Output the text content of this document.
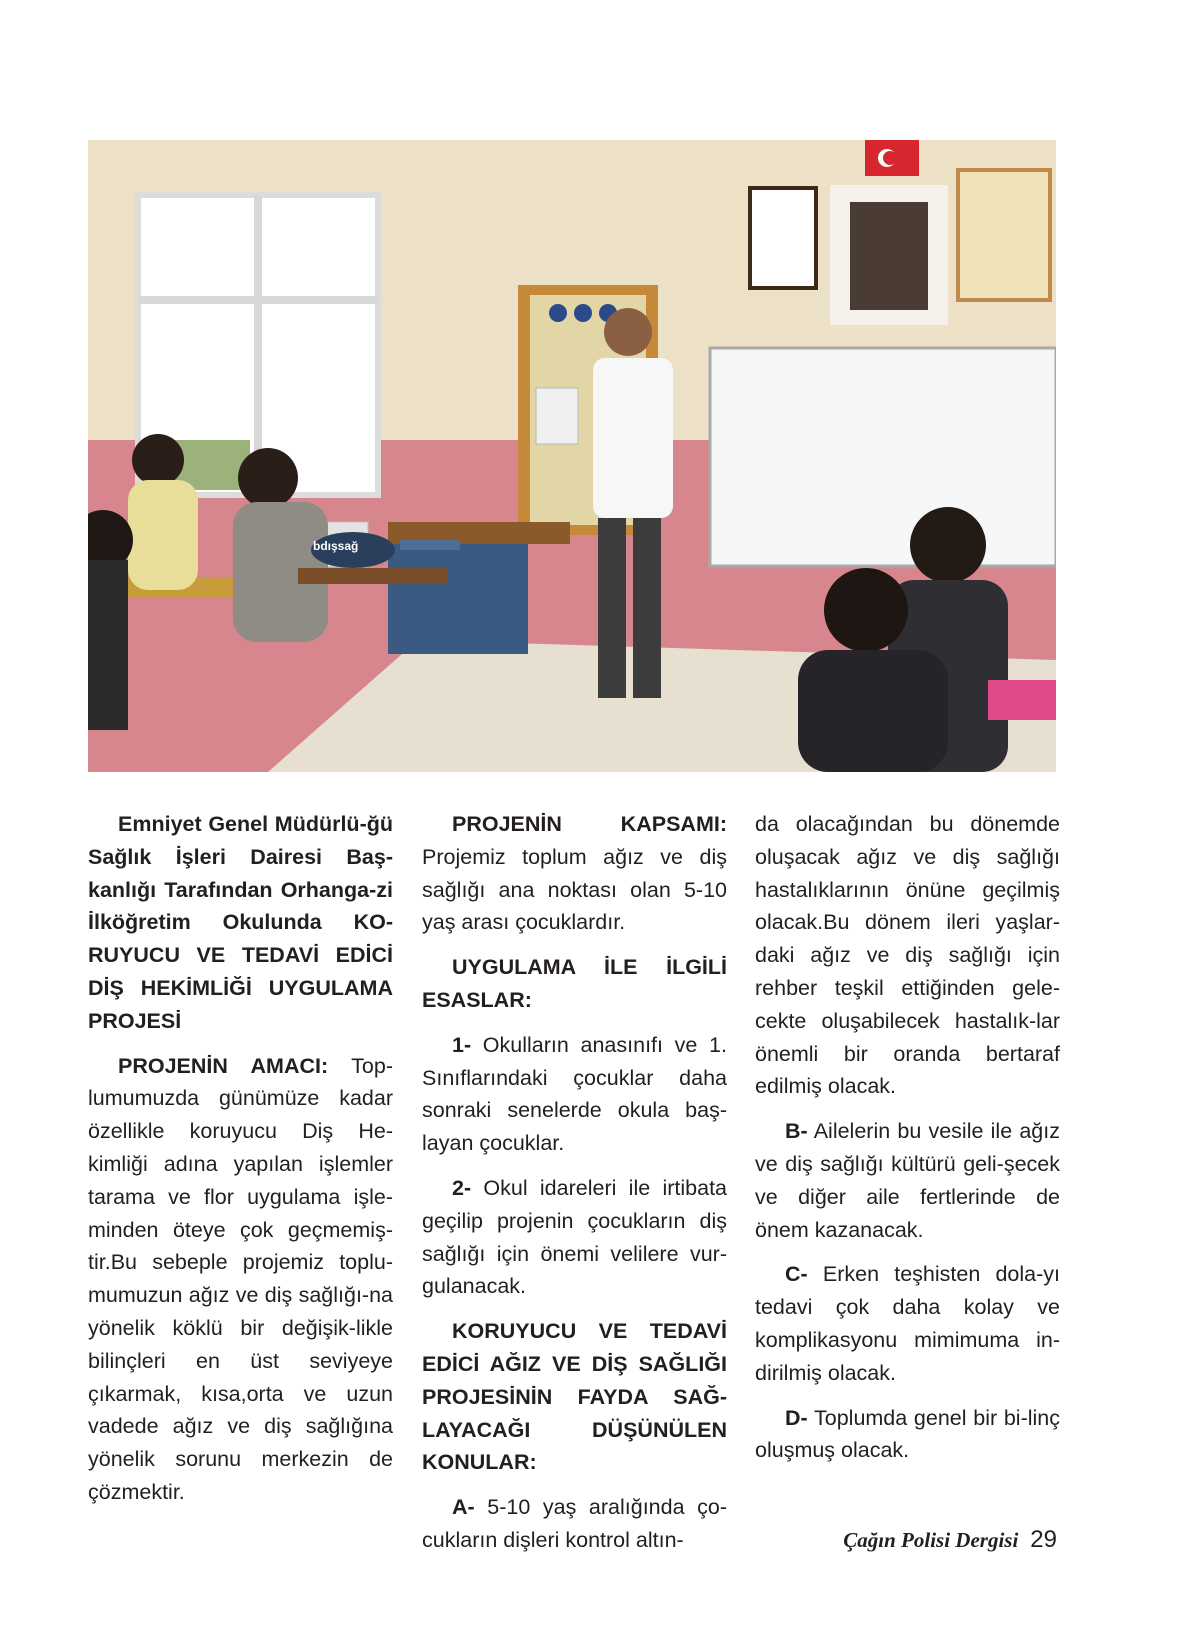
bdışsağ

Emniyet Genel Müdürlü-ğü Sağlık İşleri Dairesi Baş-kanlığı Tarafından Orhanga-zi İlköğretim Okulunda KO-RUYUCU VE TEDAVİ EDİCİ DİŞ HEKİMLİĞİ UYGULAMA PROJESİ

PROJENİN AMACI: Top-lumumuzda günümüze kadar özellikle koruyucu Diş He-kimliği adına yapılan işlemler tarama ve flor uygulama işle-minden öteye çok geçmemiş-tir.Bu sebeple projemiz toplu-mumuzun ağız ve diş sağlığı-na yönelik köklü bir değişik-likle bilinçleri en üst seviyeye çıkarmak, kısa,orta ve uzun vadede ağız ve diş sağlığına yönelik sorunu merkezin de çözmektir.

PROJENİN KAPSAMI: Projemiz toplum ağız ve diş sağlığı ana noktası olan 5-10 yaş arası çocuklardır.

UYGULAMA İLE İLGİLİ ESASLAR:

1- Okulların anasınıfı ve 1. Sınıflarındaki çocuklar daha sonraki senelerde okula baş-layan çocuklar.

2- Okul idareleri ile irtibata geçilip projenin çocukların diş sağlığı için önemi velilere vur-gulanacak.

KORUYUCU VE TEDAVİ EDİCİ AĞIZ VE DİŞ SAĞLIĞI PROJESİNİN FAYDA SAĞ-LAYACAĞI DÜŞÜNÜLEN KONULAR:

A- 5-10 yaş aralığında ço-cukların dişleri kontrol altın-

da olacağından bu dönemde oluşacak ağız ve diş sağlığı hastalıklarının önüne geçilmiş olacak.Bu dönem ileri yaşlar-daki ağız ve diş sağlığı için rehber teşkil ettiğinden gele-cekte oluşabilecek hastalık-lar önemli bir oranda bertaraf edilmiş olacak.

B- Ailelerin bu vesile ile ağız ve diş sağlığı kültürü geli-şecek ve diğer aile fertlerinde de önem kazanacak.

C- Erken teşhisten dola-yı tedavi çok daha kolay ve komplikasyonu mimimuma in-dirilmiş olacak.

D- Toplumda genel bir bi-linç oluşmuş olacak.

Çağın Polisi Dergisi 29
